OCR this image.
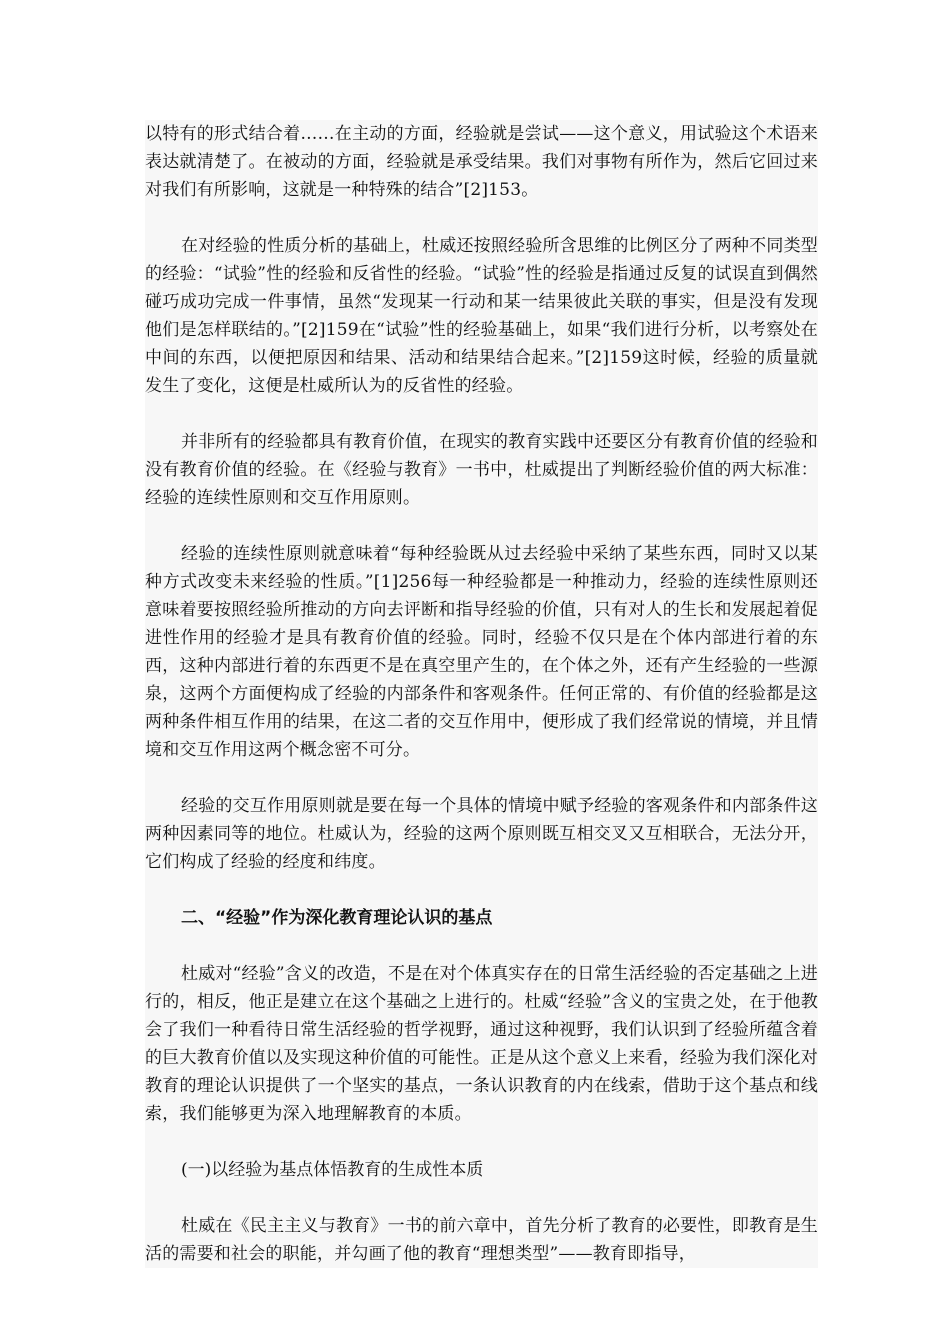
以特有的形式结合着……在主动的方面，经验就是尝试——这个意义，用试验这个术语来表达就清楚了。在被动的方面，经验就是承受结果。我们对事物有所作为，然后它回过来对我们有所影响，这就是一种特殊的结合”[2]153。

在对经验的性质分析的基础上，杜威还按照经验所含思维的比例区分了两种不同类型的经验：“试验”性的经验和反省性的经验。“试验”性的经验是指通过反复的试误直到偶然碰巧成功完成一件事情，虽然“发现某一行动和某一结果彼此关联的事实，但是没有发现他们是怎样联结的。”[2]159在“试验”性的经验基础上，如果“我们进行分析，以考察处在中间的东西，以便把原因和结果、活动和结果结合起来。”[2]159这时候，经验的质量就发生了变化，这便是杜威所认为的反省性的经验。

并非所有的经验都具有教育价值，在现实的教育实践中还要区分有教育价值的经验和没有教育价值的经验。在《经验与教育》一书中，杜威提出了判断经验价值的两大标准：经验的连续性原则和交互作用原则。

经验的连续性原则就意味着“每种经验既从过去经验中采纳了某些东西，同时又以某种方式改变未来经验的性质。”[1]256每一种经验都是一种推动力，经验的连续性原则还意味着要按照经验所推动的方向去评断和指导经验的价值，只有对人的生长和发展起着促进性作用的经验才是具有教育价值的经验。同时，经验不仅只是在个体内部进行着的东西，这种内部进行着的东西更不是在真空里产生的，在个体之外，还有产生经验的一些源泉，这两个方面便构成了经验的内部条件和客观条件。任何正常的、有价值的经验都是这两种条件相互作用的结果，在这二者的交互作用中，便形成了我们经常说的情境，并且情境和交互作用这两个概念密不可分。

经验的交互作用原则就是要在每一个具体的情境中赋予经验的客观条件和内部条件这两种因素同等的地位。杜威认为，经验的这两个原则既互相交叉又互相联合，无法分开，它们构成了经验的经度和纬度。

二、“经验”作为深化教育理论认识的基点

杜威对“经验”含义的改造，不是在对个体真实存在的日常生活经验的否定基础之上进行的，相反，他正是建立在这个基础之上进行的。杜威“经验”含义的宝贵之处，在于他教会了我们一种看待日常生活经验的哲学视野，通过这种视野，我们认识到了经验所蕴含着的巨大教育价值以及实现这种价值的可能性。正是从这个意义上来看，经验为我们深化对教育的理论认识提供了一个坚实的基点，一条认识教育的内在线索，借助于这个基点和线索，我们能够更为深入地理解教育的本质。

(一)以经验为基点体悟教育的生成性本质

杜威在《民主主义与教育》一书的前六章中，首先分析了教育的必要性，即教育是生活的需要和社会的职能，并勾画了他的教育“理想类型”——教育即指导，
